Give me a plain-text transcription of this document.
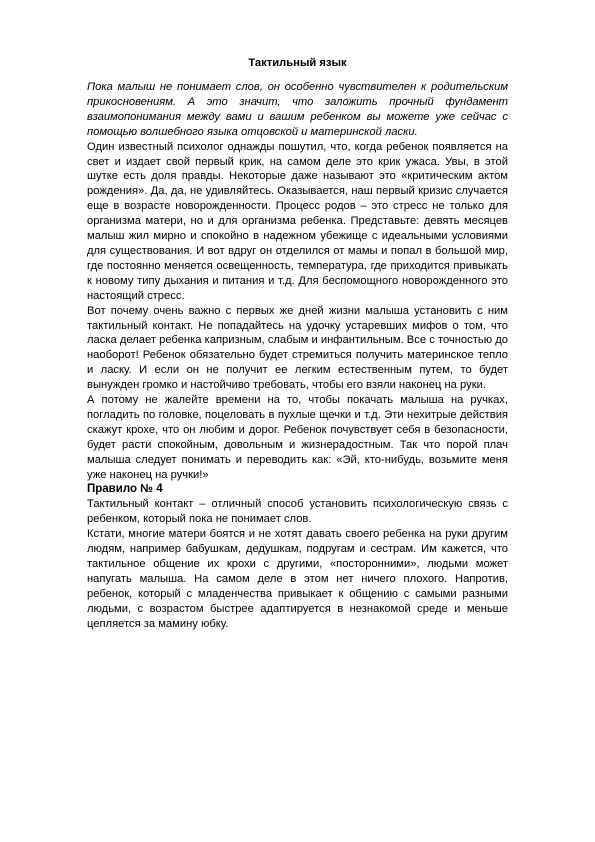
Тактильный язык

Пока малыш не понимает слов, он особенно чувствителен к родительским прикосновениям. А это значит, что заложить прочный фундамент взаимопонимания между вами и вашим ребенком вы можете уже сейчас с помощью волшебного языка отцовской и материнской ласки.

Один известный психолог однажды пошутил, что, когда ребенок появляется на свет и издает свой первый крик, на самом деле это крик ужаса. Увы, в этой шутке есть доля правды. Некоторые даже называют это «критическим актом рождения». Да, да, не удивляйтесь. Оказывается, наш первый кризис случается еще в возрасте новорожденности. Процесс родов – это стресс не только для организма матери, но и для организма ребенка. Представьте: девять месяцев малыш жил мирно и спокойно в надежном убежище с идеальными условиями для существования. И вот вдруг он отделился от мамы и попал в большой мир, где постоянно меняется освещенность, температура, где приходится привыкать к новому типу дыхания и питания и т.д. Для беспомощного новорожденного это настоящий стресс.

Вот почему очень важно с первых же дней жизни малыша установить с ним тактильный контакт. Не попадайтесь на удочку устаревших мифов о том, что ласка делает ребенка капризным, слабым и инфантильным. Все с точностью до наоборот! Ребенок обязательно будет стремиться получить материнское тепло и ласку. И если он не получит ее легким естественным путем, то будет вынужден громко и настойчиво требовать, чтобы его взяли наконец на руки.

А потому не жалейте времени на то, чтобы покачать малыша на ручках, погладить по головке, поцеловать в пухлые щечки и т.д. Эти нехитрые действия скажут крохе, что он любим и дорог. Ребенок почувствует себя в безопасности, будет расти спокойным, довольным и жизнерадостным. Так что порой плач малыша следует понимать и переводить как: «Эй, кто-нибудь, возьмите меня уже наконец на ручки!»

Правило № 4

Тактильный контакт – отличный способ установить психологическую связь с ребенком, который пока не понимает слов.

Кстати, многие матери боятся и не хотят давать своего ребенка на руки другим людям, например бабушкам, дедушкам, подругам и сестрам. Им кажется, что тактильное общение их крохи с другими, «посторонними», людьми может напугать малыша. На самом деле в этом нет ничего плохого. Напротив, ребенок, который с младенчества привыкает к общению с самыми разными людьми, с возрастом быстрее адаптируется в незнакомой среде и меньше цепляется за мамину юбку.
